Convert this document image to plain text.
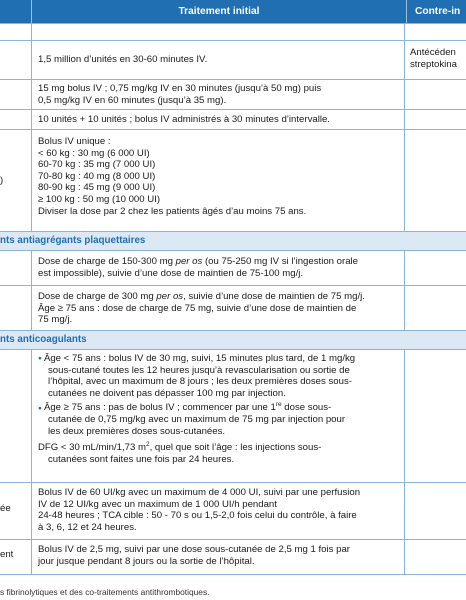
Traitement initial	Contre-in
1,5 million d’unités en 30-60 minutes IV.
Antécéden
streptokina
15 mg bolus IV ; 0,75 mg/kg IV en 30 minutes (jusqu’à 50 mg) puis
0,5 mg/kg IV en 60 minutes (jusqu’à 35 mg).
10 unités + 10 unités ; bolus IV administrés à 30 minutes d’intervalle.
)
Bolus IV unique :
< 60 kg : 30 mg (6 000 UI)
60-70 kg : 35 mg (7 000 UI)
70-80 kg : 40 mg (8 000 UI)
80-90 kg : 45 mg (9 000 UI)
≥ 100 kg : 50 mg (10 000 UI)
Diviser la dose par 2 chez les patients âgés d’au moins 75 ans.
nts antiagrégants plaquettaires
Dose de charge de 150-300 mg per os (ou 75-250 mg IV si l’ingestion orale
est impossible), suivie d’une dose de maintien de 75-100 mg/j.
Dose de charge de 300 mg per os, suivie d’une dose de maintien de 75 mg/j.
Âge ≥ 75 ans : dose de charge de 75 mg, suivie d’une dose de maintien de
75 mg/j.
nts anticoagulants
● Âge < 75 ans : bolus IV de 30 mg, suivi, 15 minutes plus tard, de 1 mg/kg
sous-cutané toutes les 12 heures jusqu’à revascularisation ou sortie de
l’hôpital, avec un maximum de 8 jours ; les deux premières doses sous-
cutanées ne doivent pas dépasser 100 mg par injection.
● Âge ≥ 75 ans : pas de bolus IV ; commencer par une 1re dose sous-
cutanée de 0,75 mg/kg avec un maximum de 75 mg par injection pour
les deux premières doses sous-cutanées.
DFG < 30 mL/min/1,73 $m^2$, quel que soit l’âge : les injections sous-
cutanées sont faites une fois par 24 heures.
ée
Bolus IV de 60 UI/kg avec un maximum de 4 000 UI, suivi par une perfusion
IV de 12 UI/kg avec un maximum de 1 000 UI/h pendant
24-48 heures ; TCA cible : 50 - 70 s ou 1,5-2,0 fois celui du contrôle, à faire
à 3, 6, 12 et 24 heures.
ent	Bolus IV de 2,5 mg, suivi par une dose sous-cutanée de 2,5 mg 1 fois par
jour jusque pendant 8 jours ou la sortie de l’hôpital.
s fibrinolytiques et des co-traitements antithrombotiques.
